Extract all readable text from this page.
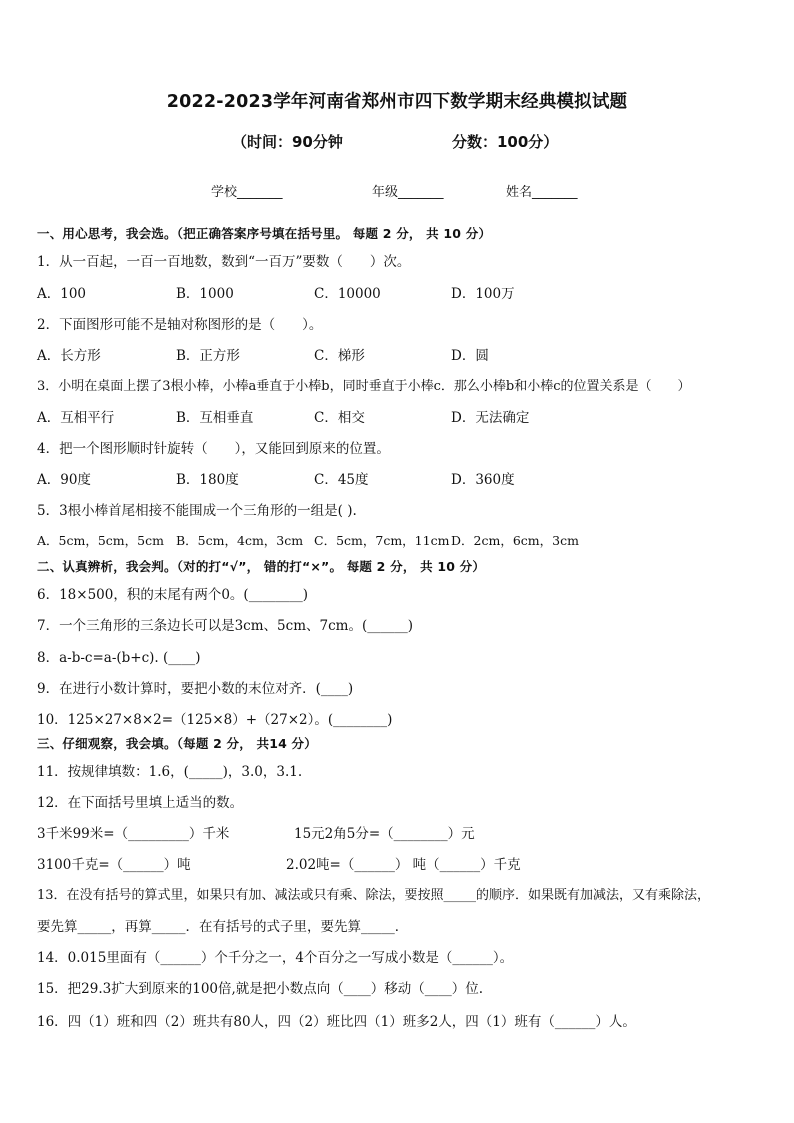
2022-2023学年河南省郑州市四下数学期末经典模拟试题
（时间：90分钟	分数：100分）
学校_______	年级_______	姓名_______
一、用心思考，我会选。（把正确答案序号填在括号里。 每题 2 分， 共 10 分）
1．从一百起，一百一百地数，数到“一百万”要数（　　）次。
A．100	B．1000	C．10000	D．100万
2．下面图形可能不是轴对称图形的是（　　）。
A．长方形	B．正方形	C．梯形	D．圆
3．小明在桌面上摆了3根小棒，小棒a垂直于小棒b，同时垂直于小棒c．那么小棒b和小棒c的位置关系是（　　）
A．互相平行	B．互相垂直	C．相交	D．无法确定
4．把一个图形顺时针旋转（　　），又能回到原来的位置。
A．90度	B．180度	C．45度	D．360度
5．3根小棒首尾相接不能围成一个三角形的一组是( ).
A．5cm，5cm，5cm B．5cm，4cm，3cm C．5cm，7cm，11cm D．2cm，6cm，3cm
二、认真辨析，我会判。（对的打“√”， 错的打“×”。 每题 2 分， 共 10 分）
6．18×500，积的末尾有两个0。(________)
7．一个三角形的三条边长可以是3cm、5cm、7cm。(______)
8．a-b-c=a-(b+c). (____)
9．在进行小数计算时，要把小数的末位对齐．(____)
10．125×27×8×2=（125×8）+（27×2）。(________)
三、仔细观察，我会填。（每题 2 分， 共14 分）
11．按规律填数：1.6，(_____)，3.0，3.1.
12．在下面括号里填上适当的数。
3千米99米=（_________）千米	15元2角5分=（________）元
3100千克=（______）吨	2.02吨=（______） 吨（______）千克
13．在没有括号的算式里，如果只有加、减法或只有乘、除法，要按照_____的顺序．如果既有加减法，又有乘除法，
要先算_____，再算_____．在有括号的式子里，要先算_____．
14．0.015里面有（______）个千分之一，4个百分之一写成小数是（______）。
15．把29.3扩大到原来的100倍,就是把小数点向（____）移动（____）位.
16．四（1）班和四（2）班共有80人，四（2）班比四（1）班多2人，四（1）班有（______）人。
